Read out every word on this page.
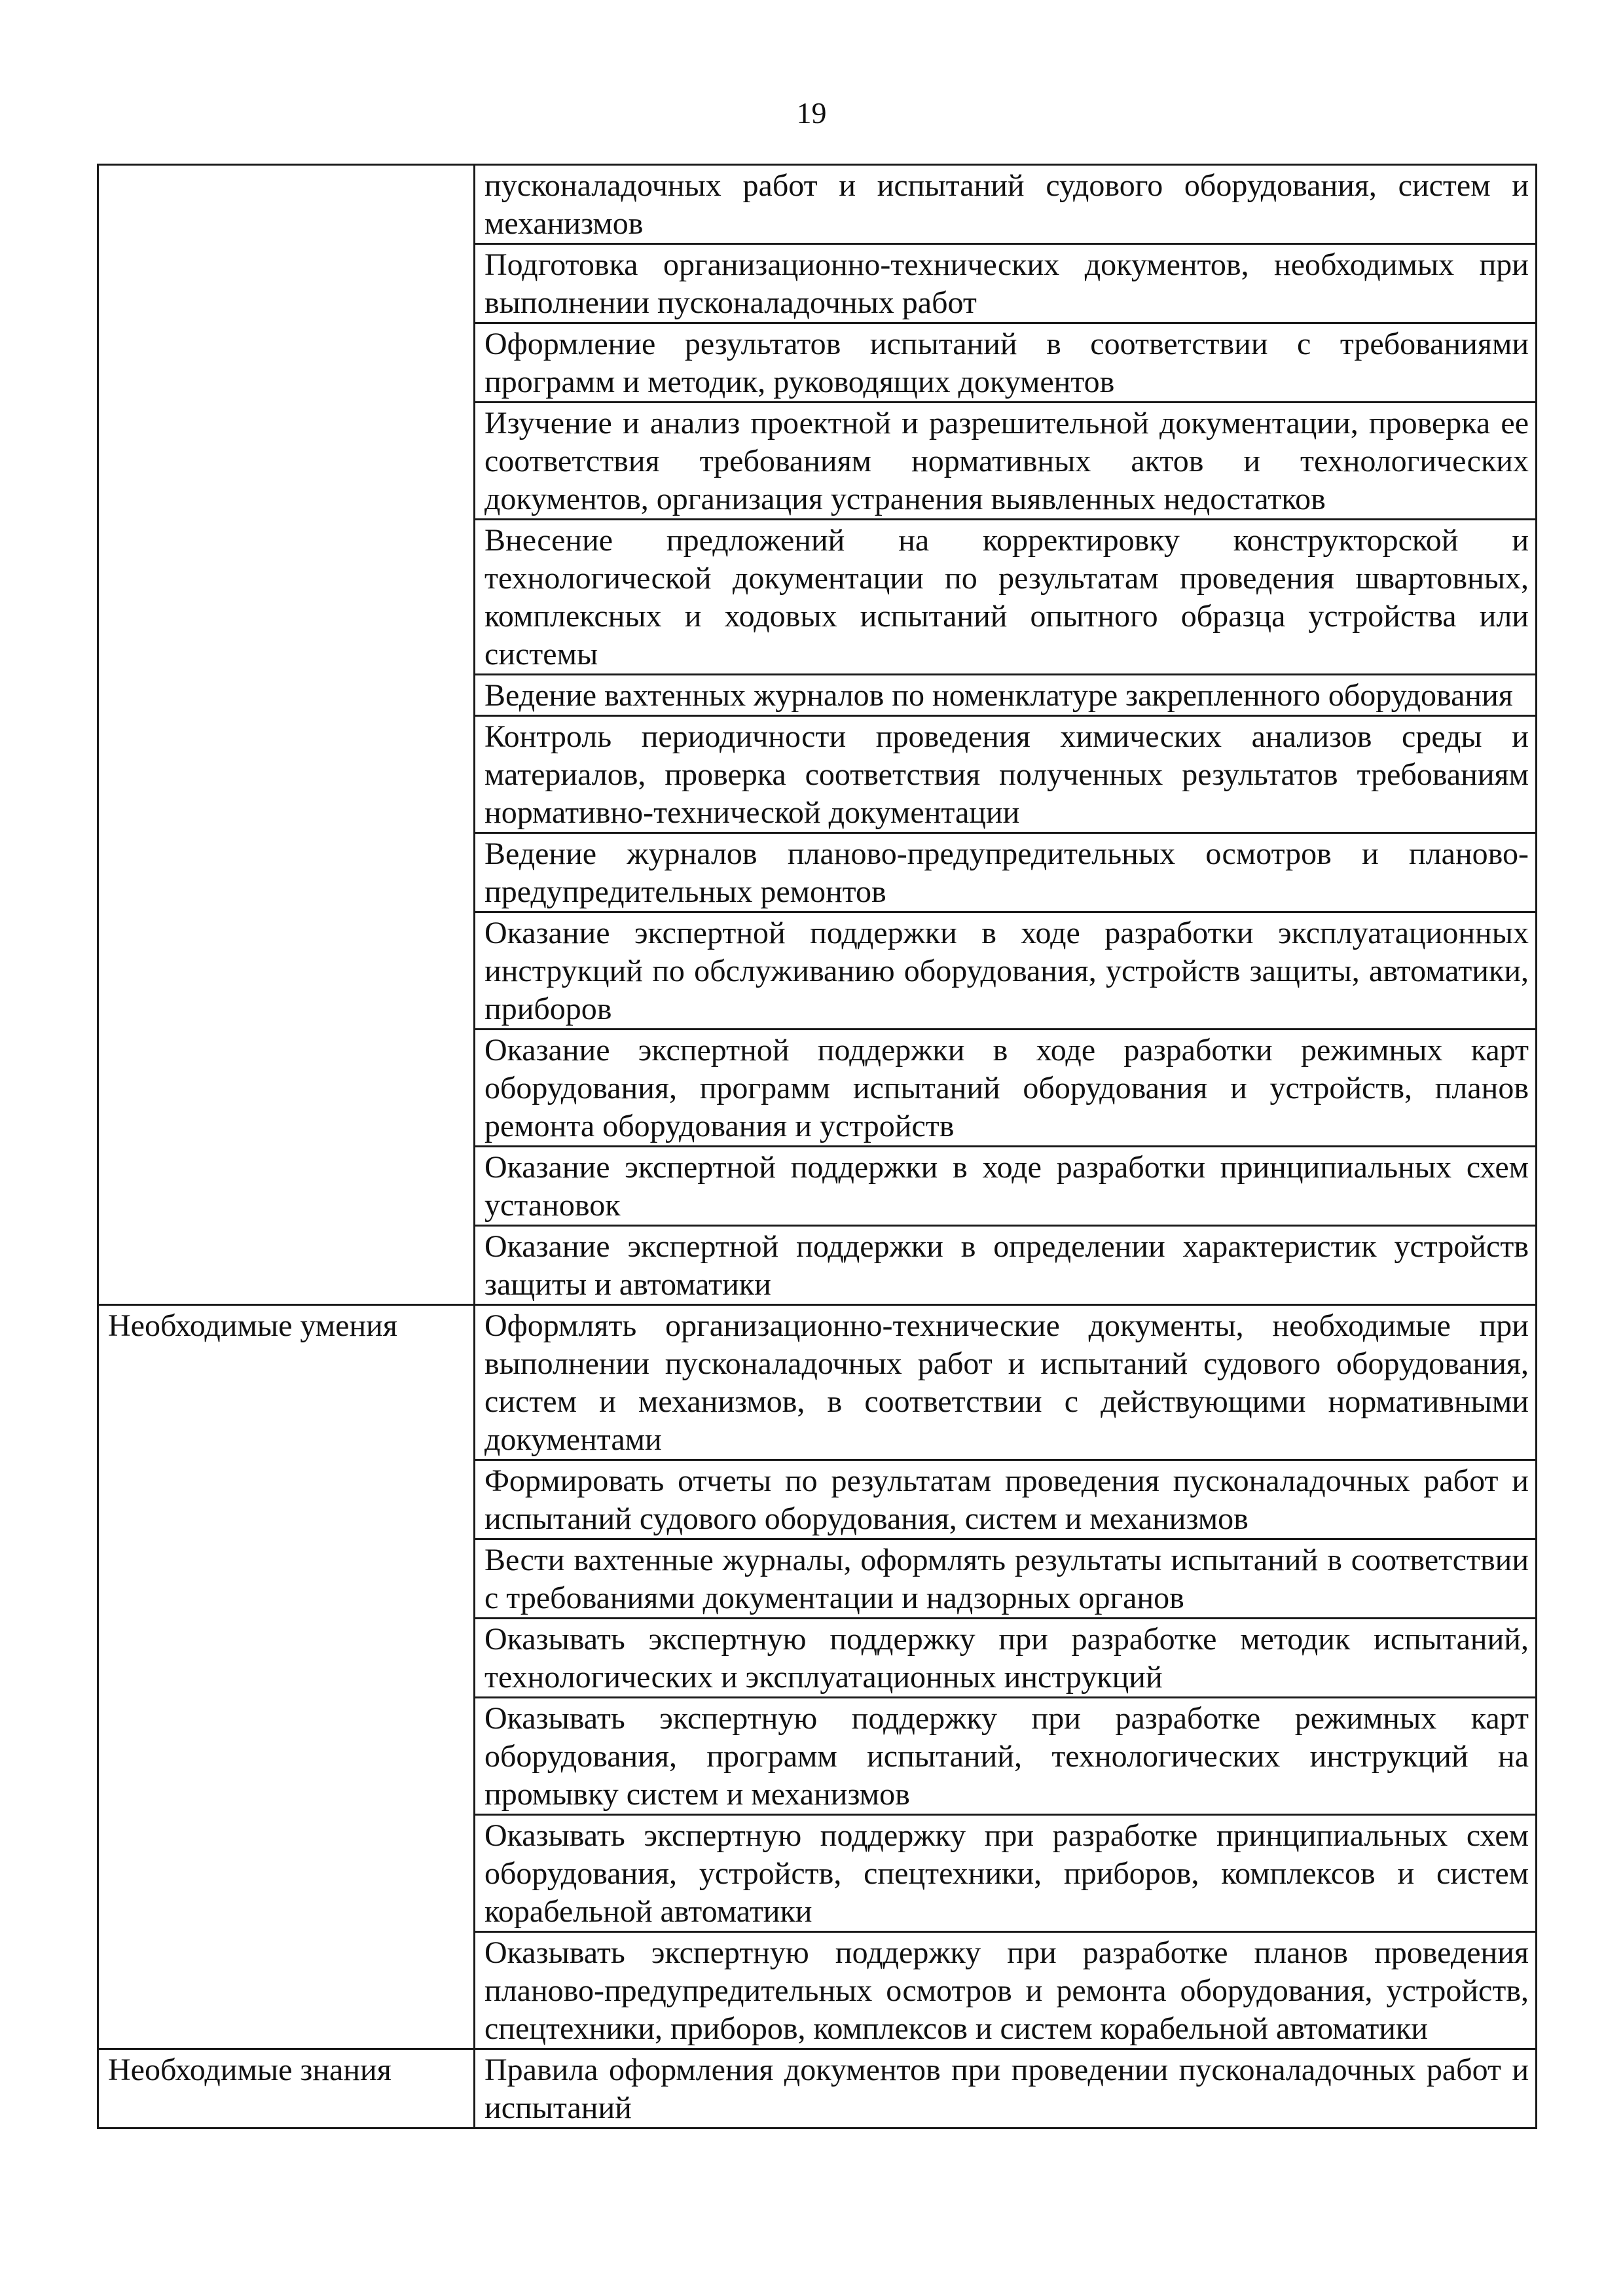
19
	пусконаладочных работ и испытаний судового оборудования, систем и механизмов
	Подготовка организационно-технических документов, необходимых при выполнении пусконаладочных работ
	Оформление результатов испытаний в соответствии с требованиями программ и методик, руководящих документов
	Изучение и анализ проектной и разрешительной документации, проверка ее соответствия требованиям нормативных актов и технологических документов, организация устранения выявленных недостатков
	Внесение предложений на корректировку конструкторской и технологической документации по результатам проведения швартовных, комплексных и ходовых испытаний опытного образца устройства или системы
	Ведение вахтенных журналов по номенклатуре закрепленного оборудования
	Контроль периодичности проведения химических анализов среды и материалов, проверка соответствия полученных результатов требованиям нормативно-технической документации
	Ведение журналов планово-предупредительных осмотров и планово-предупредительных ремонтов
	Оказание экспертной поддержки в ходе разработки эксплуатационных инструкций по обслуживанию оборудования, устройств защиты, автоматики, приборов
	Оказание экспертной поддержки в ходе разработки режимных карт оборудования, программ испытаний оборудования и устройств, планов ремонта оборудования и устройств
	Оказание экспертной поддержки в ходе разработки принципиальных схем установок
	Оказание экспертной поддержки в определении характеристик устройств защиты и автоматики

Необходимые умения	Оформлять организационно-технические документы, необходимые при выполнении пусконаладочных работ и испытаний судового оборудования, систем и механизмов, в соответствии с действующими нормативными документами
	Формировать отчеты по результатам проведения пусконаладочных работ и испытаний судового оборудования, систем и механизмов
	Вести вахтенные журналы, оформлять результаты испытаний в соответствии с требованиями документации и надзорных органов
	Оказывать экспертную поддержку при разработке методик испытаний, технологических и эксплуатационных инструкций
	Оказывать экспертную поддержку при разработке режимных карт оборудования, программ испытаний, технологических инструкций на промывку систем и механизмов
	Оказывать экспертную поддержку при разработке принципиальных схем оборудования, устройств, спецтехники, приборов, комплексов и систем корабельной автоматики
	Оказывать экспертную поддержку при разработке планов проведения планово-предупредительных осмотров и ремонта оборудования, устройств, спецтехники, приборов, комплексов и систем корабельной автоматики

Необходимые знания	Правила оформления документов при проведении пусконаладочных работ и испытаний
